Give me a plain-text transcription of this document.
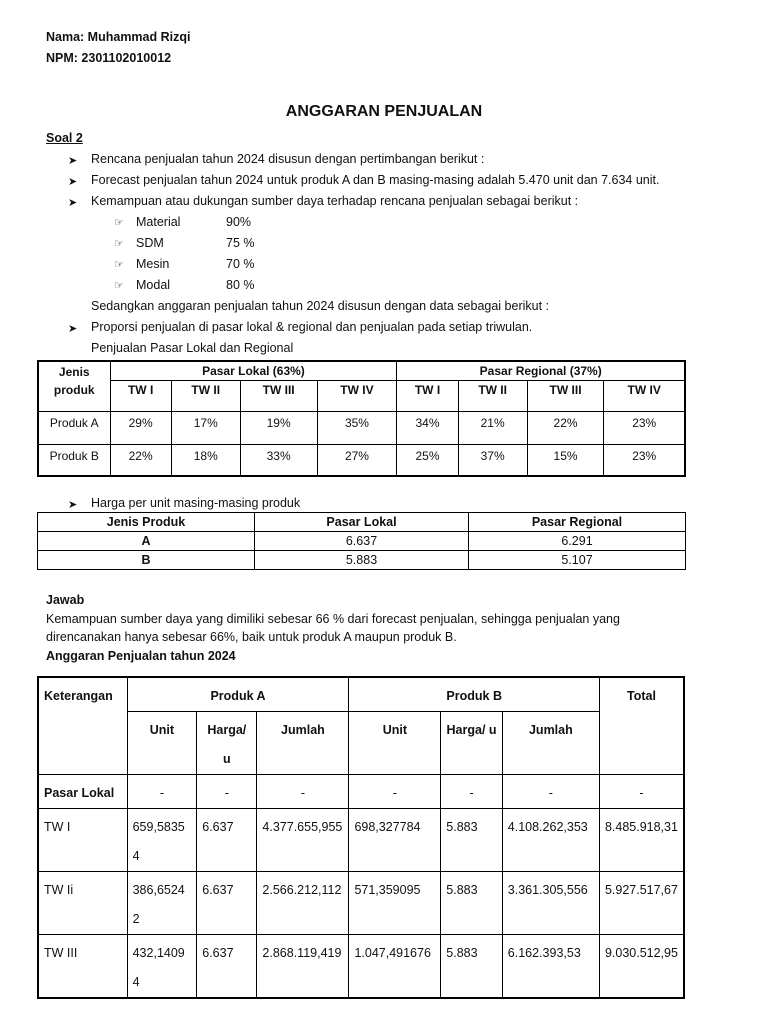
Nama: Muhammad Rizqi
NPM: 2301102010012
ANGGARAN PENJUALAN
Soal 2
➤ Rencana penjualan tahun 2024 disusun dengan pertimbangan berikut :
➤ Forecast penjualan tahun 2024 untuk produk A dan B masing-masing adalah 5.470 unit dan 7.634 unit.
➤ Kemampuan atau dukungan sumber daya terhadap rencana penjualan sebagai berikut :
☞ Material	90%
☞ SDM	75 %
☞ Mesin	70 %
☞ Modal	80 %
Sedangkan anggaran penjualan tahun 2024 disusun dengan data sebagai berikut :
➤ Proporsi penjualan di pasar lokal & regional dan penjualan pada setiap triwulan.
Penjualan Pasar Lokal dan Regional
Jenis produk	Pasar Lokal (63%)				Pasar Regional (37%)			
	TW I	TW II	TW III	TW IV	TW I	TW II	TW III	TW IV
Produk A	29%	17%	19%	35%	34%	21%	22%	23%
Produk B	22%	18%	33%	27%	25%	37%	15%	23%
➤ Harga per unit masing-masing produk
Jenis Produk	Pasar Lokal	Pasar Regional
A	6.637	6.291
B	5.883	5.107
Jawab
Kemampuan sumber daya yang dimiliki sebesar 66 % dari forecast penjualan, sehingga penjualan yang
direncanakan hanya sebesar 66%, baik untuk produk A maupun produk B.
Anggaran Penjualan tahun 2024
Keterangan	Produk A			Produk B			Total
	Unit	Harga/ u	Jumlah	Unit	Harga/ u	Jumlah	
Pasar Lokal	-	-	-	-	-	-	-
TW I	659,58354	6.637	4.377.655,955	698,327784	5.883	4.108.262,353	8.485.918,31
TW Ii	386,65242	6.637	2.566.212,112	571,359095	5.883	3.361.305,556	5.927.517,67
TW III	432,14094	6.637	2.868.119,419	1.047,491676	5.883	6.162.393,53	9.030.512,95
